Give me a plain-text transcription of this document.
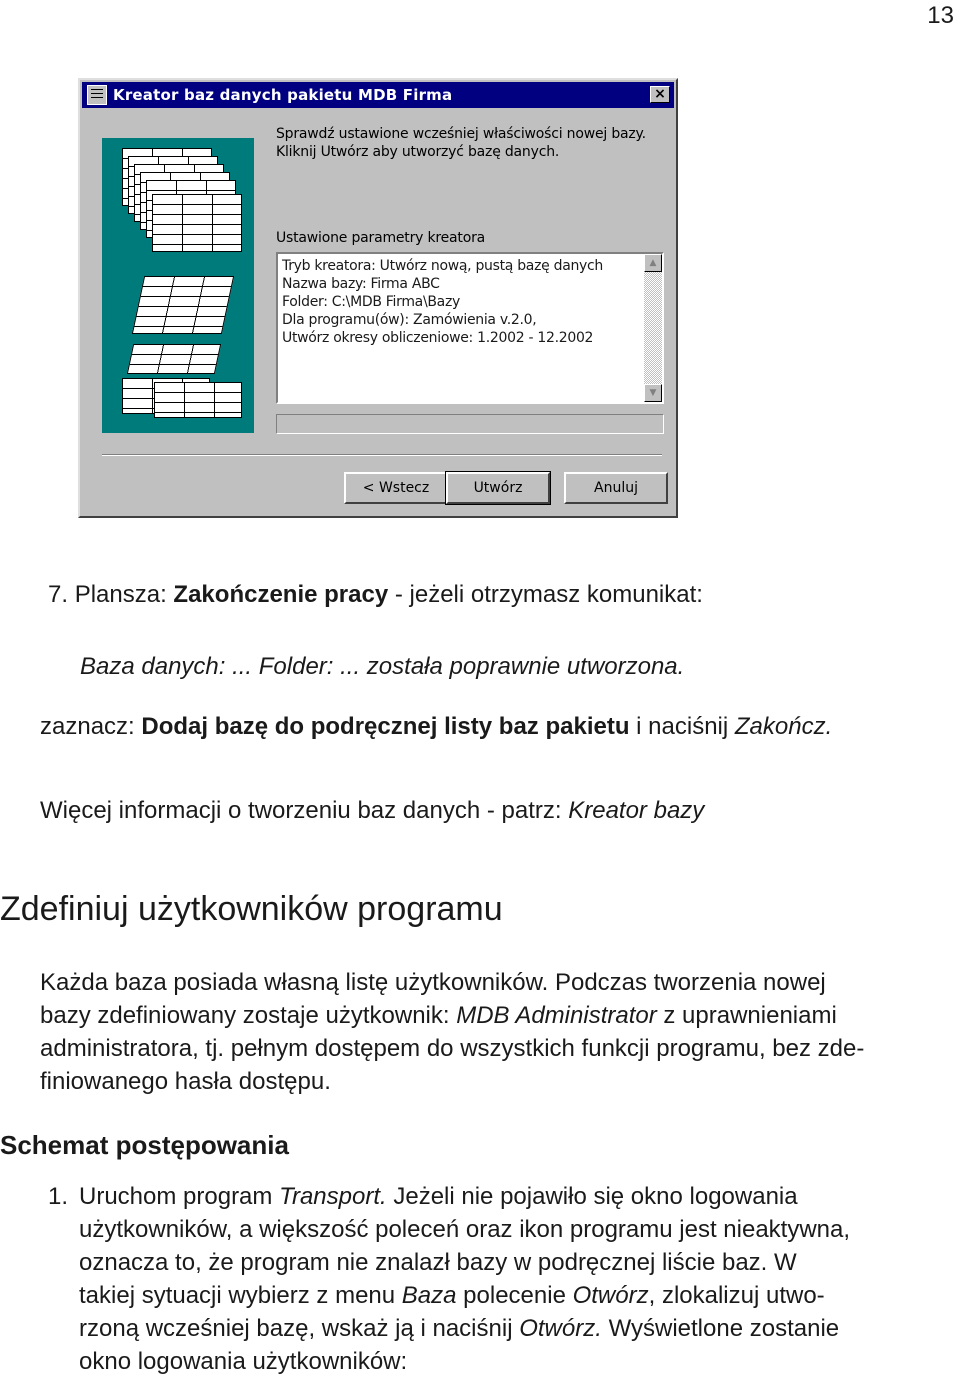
13
Kreator baz danych pakietu MDB Firma	×
Sprawdź ustawione wcześniej właściwości nowej bazy.
Kliknij Utwórz aby utworzyć bazę danych.
Ustawione parametry kreatora
Tryb kreatora: Utwórz nową, pustą bazę danych
Nazwa bazy: Firma ABC
Folder: C:\MDB Firma\Bazy
Dla programu(ów): Zamówienia v.2.0,
Utwórz okresy obliczeniowe: 1.2002 - 12.2002
▲
▼
< Wstecz	Utwórz	Anuluj
7. Plansza: Zakończenie pracy - jeżeli otrzymasz komunikat:
Baza danych: ... Folder: ... została poprawnie utworzona.
zaznacz: Dodaj bazę do podręcznej listy baz pakietu i naciśnij Zakończ.
Więcej informacji o tworzeniu baz danych - patrz: Kreator bazy
Zdefiniuj użytkowników programu
Każda baza posiada własną listę użytkowników. Podczas tworzenia nowej
bazy zdefiniowany zostaje użytkownik: MDB Administrator z uprawnieniami
administratora, tj. pełnym dostępem do wszystkich funkcji programu, bez zde-
finiowanego hasła dostępu.
Schemat postępowania
1. Uruchom program Transport. Jeżeli nie pojawiło się okno logowania
użytkowników, a większość poleceń oraz ikon programu jest nieaktywna,
oznacza to, że program nie znalazł bazy w podręcznej liście baz. W
takiej sytuacji wybierz z menu Baza polecenie Otwórz, zlokalizuj utwo-
rzoną wcześniej bazę, wskaż ją i naciśnij Otwórz. Wyświetlone zostanie
okno logowania użytkowników:
